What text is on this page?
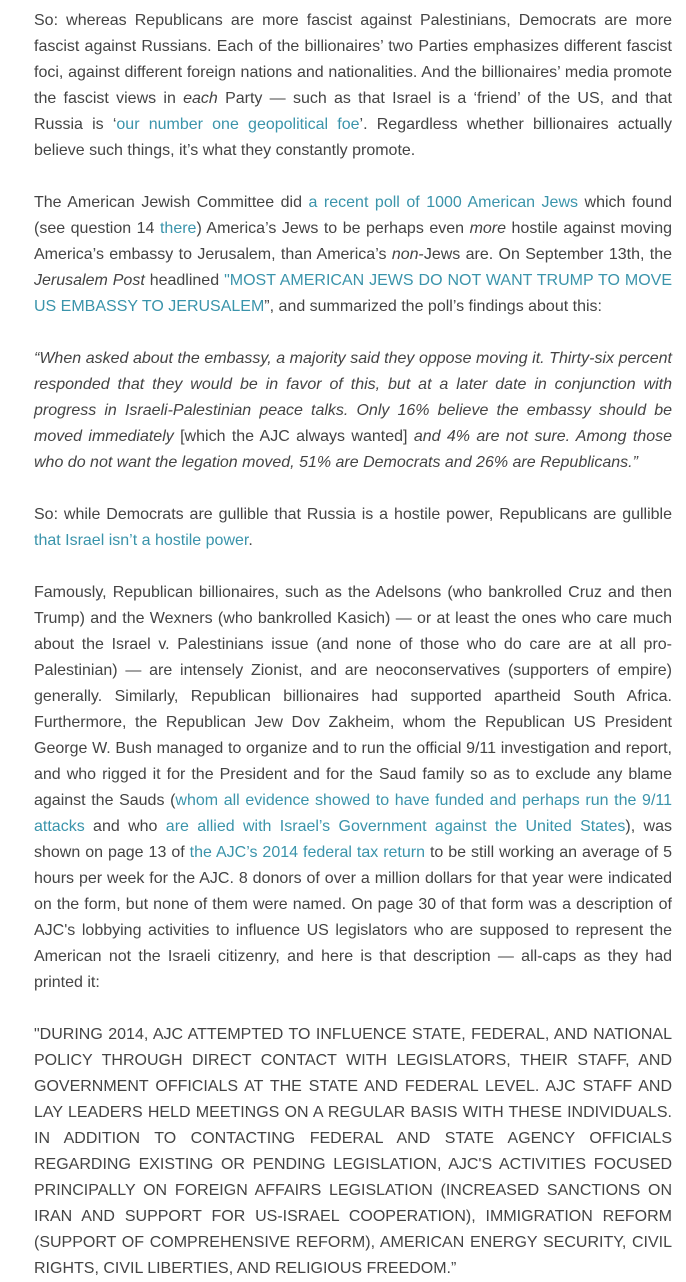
So: whereas Republicans are more fascist against Palestinians, Democrats are more fascist against Russians. Each of the billionaires’ two Parties emphasizes different fascist foci, against different foreign nations and nationalities. And the billionaires’ media promote the fascist views in each Party — such as that Israel is a ‘friend’ of the US, and that Russia is ‘our number one geopolitical foe’. Regardless whether billionaires actually believe such things, it’s what they constantly promote.

The American Jewish Committee did a recent poll of 1000 American Jews which found (see question 14 there) America’s Jews to be perhaps even more hostile against moving America’s embassy to Jerusalem, than America’s non-Jews are. On September 13th, the Jerusalem Post headlined "MOST AMERICAN JEWS DO NOT WANT TRUMP TO MOVE US EMBASSY TO JERUSALEM”, and summarized the poll’s findings about this:

“When asked about the embassy, a majority said they oppose moving it. Thirty-six percent responded that they would be in favor of this, but at a later date in conjunction with progress in Israeli-Palestinian peace talks. Only 16% believe the embassy should be moved immediately [which the AJC always wanted] and 4% are not sure. Among those who do not want the legation moved, 51% are Democrats and 26% are Republicans.”

So: while Democrats are gullible that Russia is a hostile power, Republicans are gullible that Israel isn’t a hostile power.

Famously, Republican billionaires, such as the Adelsons (who bankrolled Cruz and then Trump) and the Wexners (who bankrolled Kasich) — or at least the ones who care much about the Israel v. Palestinians issue (and none of those who do care are at all pro-Palestinian) — are intensely Zionist, and are neoconservatives (supporters of empire) generally. Similarly, Republican billionaires had supported apartheid South Africa. Furthermore, the Republican Jew Dov Zakheim, whom the Republican US President George W. Bush managed to organize and to run the official 9/11 investigation and report, and who rigged it for the President and for the Saud family so as to exclude any blame against the Sauds (whom all evidence showed to have funded and perhaps run the 9/11 attacks and who are allied with Israel’s Government against the United States), was shown on page 13 of the AJC’s 2014 federal tax return to be still working an average of 5 hours per week for the AJC. 8 donors of over a million dollars for that year were indicated on the form, but none of them were named. On page 30 of that form was a description of AJC's lobbying activities to influence US legislators who are supposed to represent the American not the Israeli citizenry, and here is that description — all-caps as they had printed it:

"DURING 2014, AJC ATTEMPTED TO INFLUENCE STATE, FEDERAL, AND NATIONAL POLICY THROUGH DIRECT CONTACT WITH LEGISLATORS, THEIR STAFF, AND GOVERNMENT OFFICIALS AT THE STATE AND FEDERAL LEVEL. AJC STAFF AND LAY LEADERS HELD MEETINGS ON A REGULAR BASIS WITH THESE INDIVIDUALS. IN ADDITION TO CONTACTING FEDERAL AND STATE AGENCY OFFICIALS REGARDING EXISTING OR PENDING LEGISLATION, AJC'S ACTIVITIES FOCUSED PRINCIPALLY ON FOREIGN AFFAIRS LEGISLATION (INCREASED SANCTIONS ON IRAN AND SUPPORT FOR US-ISRAEL COOPERATION), IMMIGRATION REFORM (SUPPORT OF COMPREHENSIVE REFORM), AMERICAN ENERGY SECURITY, CIVIL RIGHTS, CIVIL LIBERTIES, AND RELIGIOUS FREEDOM.”
